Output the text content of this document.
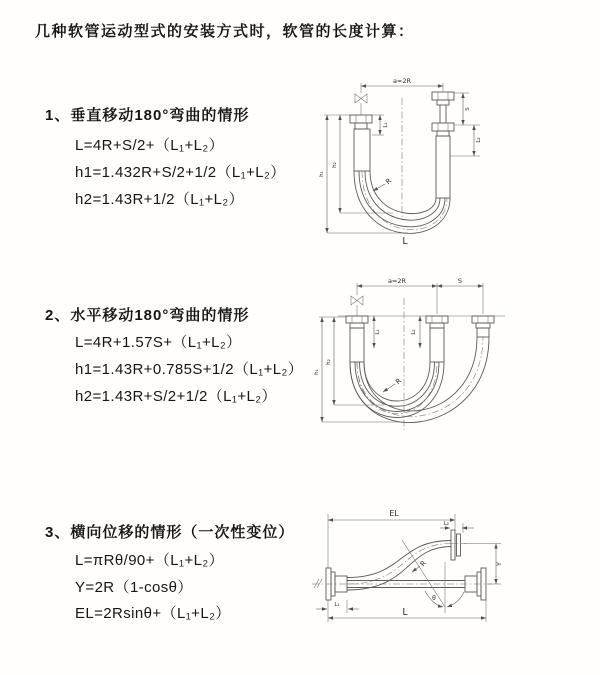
几种软管运动型式的安装方式时，软管的长度计算：
1、垂直移动180°弯曲的情形
L=4R+S/2+（L₁+L₂）
h1=1.432R+S/2+1/2（L₁+L₂）
h2=1.43R+1/2（L₁+L₂）
a=2R
L₁
S
L₂
h₁
h₂
R
L
2、水平移动180°弯曲的情形
L=4R+1.57S+（L₁+L₂）
h1=1.43R+0.785S+1/2（L₁+L₂）
h2=1.43R+S/2+1/2（L₁+L₂）
a=2R	S
h₁
h₂
L₁	L₂
R
3、横向位移的情形（一次性变位）
L=πRθ/90+（L₁+L₂）
Y=2R（1-cosθ）
EL=2Rsinθ+（L₁+L₂）
EL
L₂
R
θ
Y
L₁
L
